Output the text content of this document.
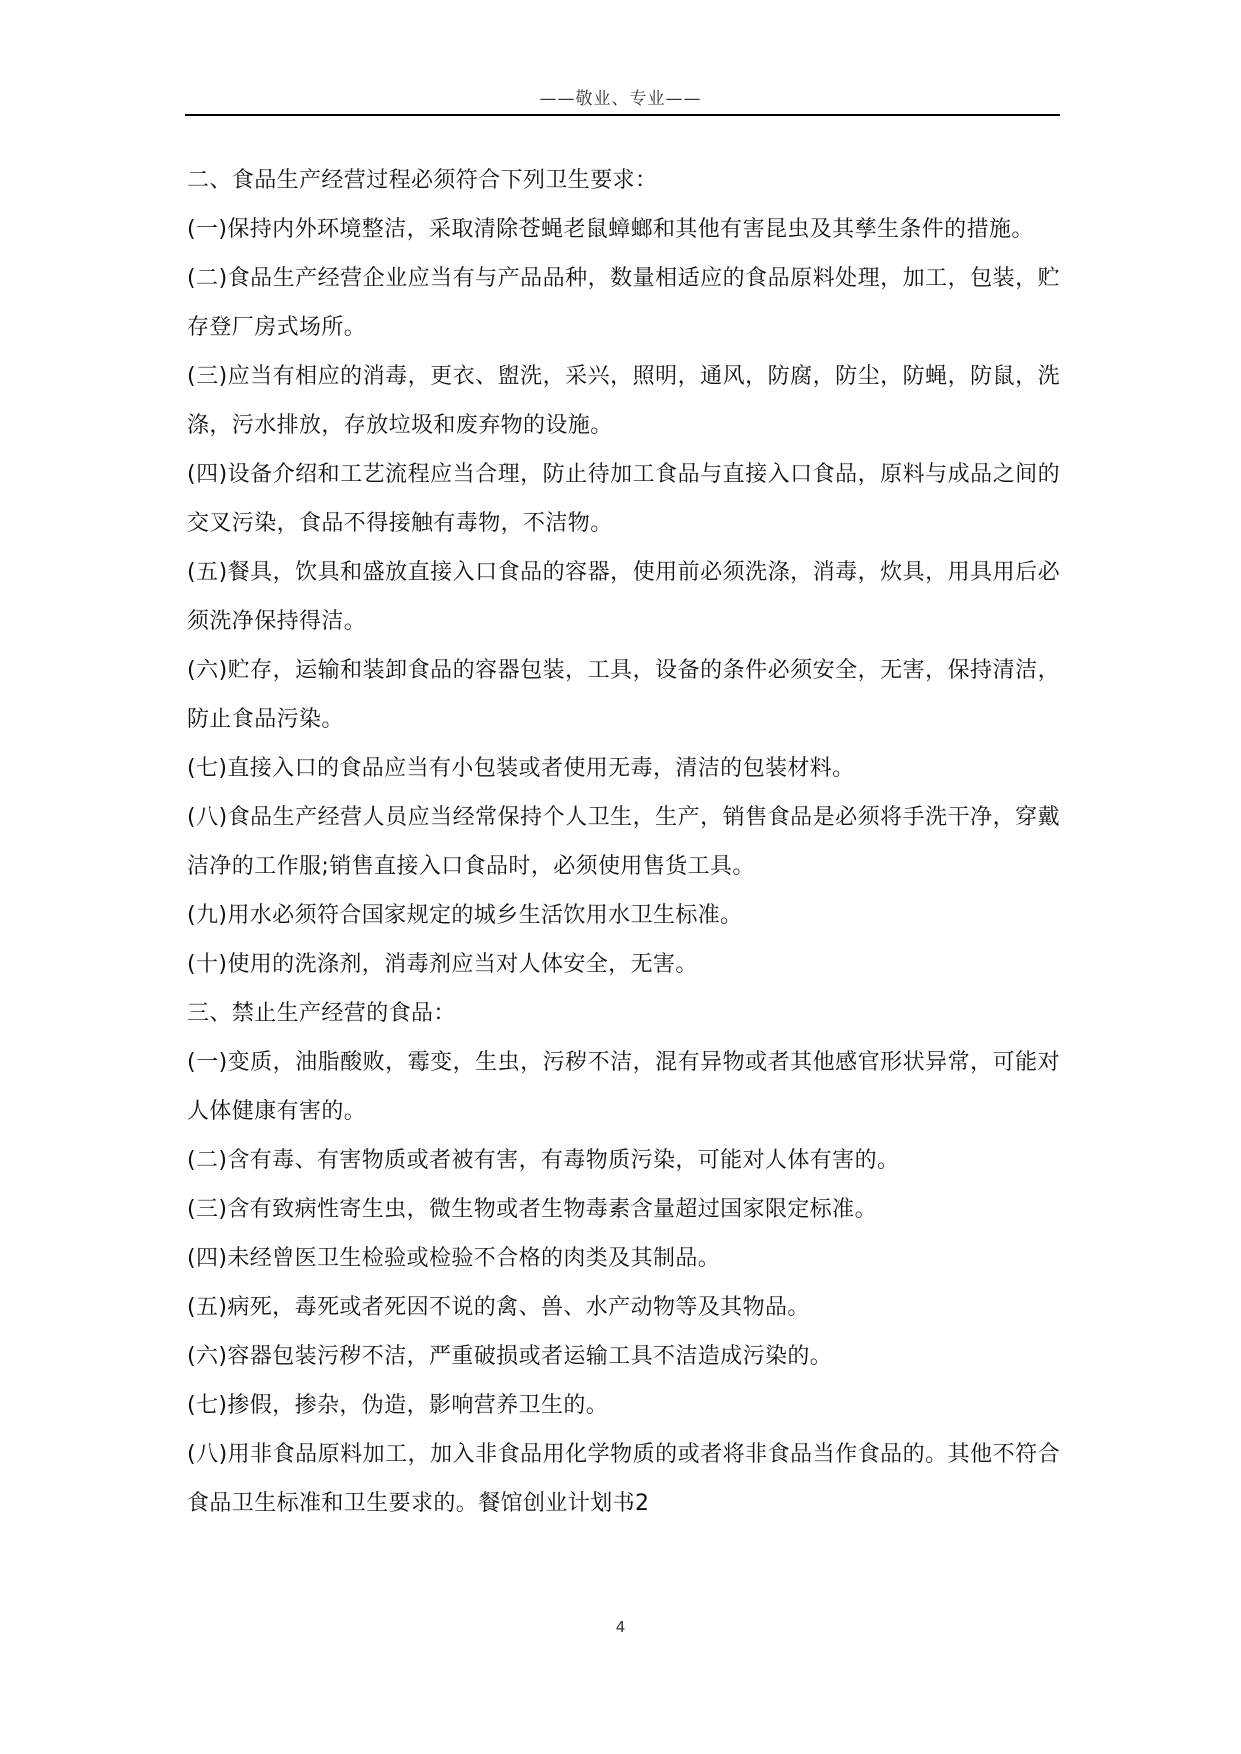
——敬业、专业——

二、食品生产经营过程必须符合下列卫生要求：

(一)保持内外环境整洁，采取清除苍蝇老鼠蟑螂和其他有害昆虫及其孳生条件的措施。

(二)食品生产经营企业应当有与产品品种，数量相适应的食品原料处理，加工，包装，贮存登厂房式场所。

(三)应当有相应的消毒，更衣、盥洗，采兴，照明，通风，防腐，防尘，防蝇，防鼠，洗涤，污水排放，存放垃圾和废弃物的设施。

(四)设备介绍和工艺流程应当合理，防止待加工食品与直接入口食品，原料与成品之间的交叉污染，食品不得接触有毒物，不洁物。

(五)餐具，饮具和盛放直接入口食品的容器，使用前必须洗涤，消毒，炊具，用具用后必须洗净保持得洁。

(六)贮存，运输和装卸食品的容器包装，工具，设备的条件必须安全，无害，保持清洁，防止食品污染。

(七)直接入口的食品应当有小包装或者使用无毒，清洁的包装材料。

(八)食品生产经营人员应当经常保持个人卫生，生产，销售食品是必须将手洗干净，穿戴洁净的工作服;销售直接入口食品时，必须使用售货工具。

(九)用水必须符合国家规定的城乡生活饮用水卫生标准。

(十)使用的洗涤剂，消毒剂应当对人体安全，无害。

三、禁止生产经营的食品：

(一)变质，油脂酸败，霉变，生虫，污秽不洁，混有异物或者其他感官形状异常，可能对人体健康有害的。

(二)含有毒、有害物质或者被有害，有毒物质污染，可能对人体有害的。

(三)含有致病性寄生虫，微生物或者生物毒素含量超过国家限定标准。

(四)未经曾医卫生检验或检验不合格的肉类及其制品。

(五)病死，毒死或者死因不说的禽、兽、水产动物等及其物品。

(六)容器包装污秽不洁，严重破损或者运输工具不洁造成污染的。

(七)掺假，掺杂，伪造，影响营养卫生的。

(八)用非食品原料加工，加入非食品用化学物质的或者将非食品当作食品的。其他不符合食品卫生标准和卫生要求的。餐馆创业计划书2

4
